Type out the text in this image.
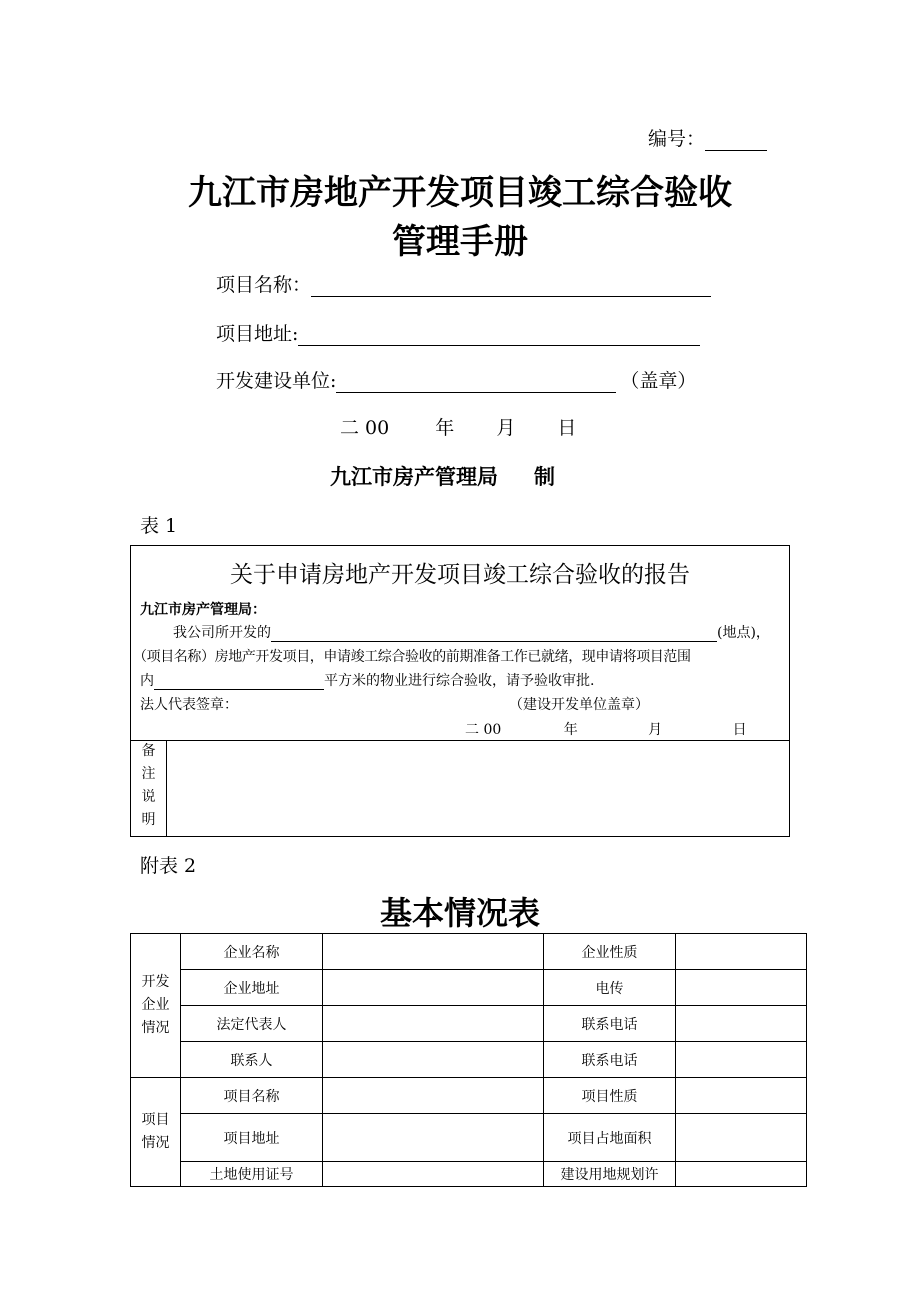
编号：
九江市房地产开发项目竣工综合验收
管理手册
项目名称：
项目地址:
开发建设单位:	（盖章）
二 00 年 月 日
九江市房产管理局 制
表 1
关于申请房地产开发项目竣工综合验收的报告
九江市房产管理局：
我公司所开发的	(地点)，
（项目名称）房地产开发项目，申请竣工综合验收的前期准备工作已就绪，现申请将项目范围
内	平方米的物业进行综合验收，请予验收审批.
法人代表签章：	（建设开发单位盖章）
二 00	年	月	日
备
注
说
明
附表 2
基本情况表
开发
企业
情况	企业名称		企业性质	
	企业地址		电传	
	法定代表人		联系电话	
	联系人		联系电话	

项目
情况	项目名称		项目性质	
	项目地址		项目占地面积	
	土地使用证号		建设用地规划许	
